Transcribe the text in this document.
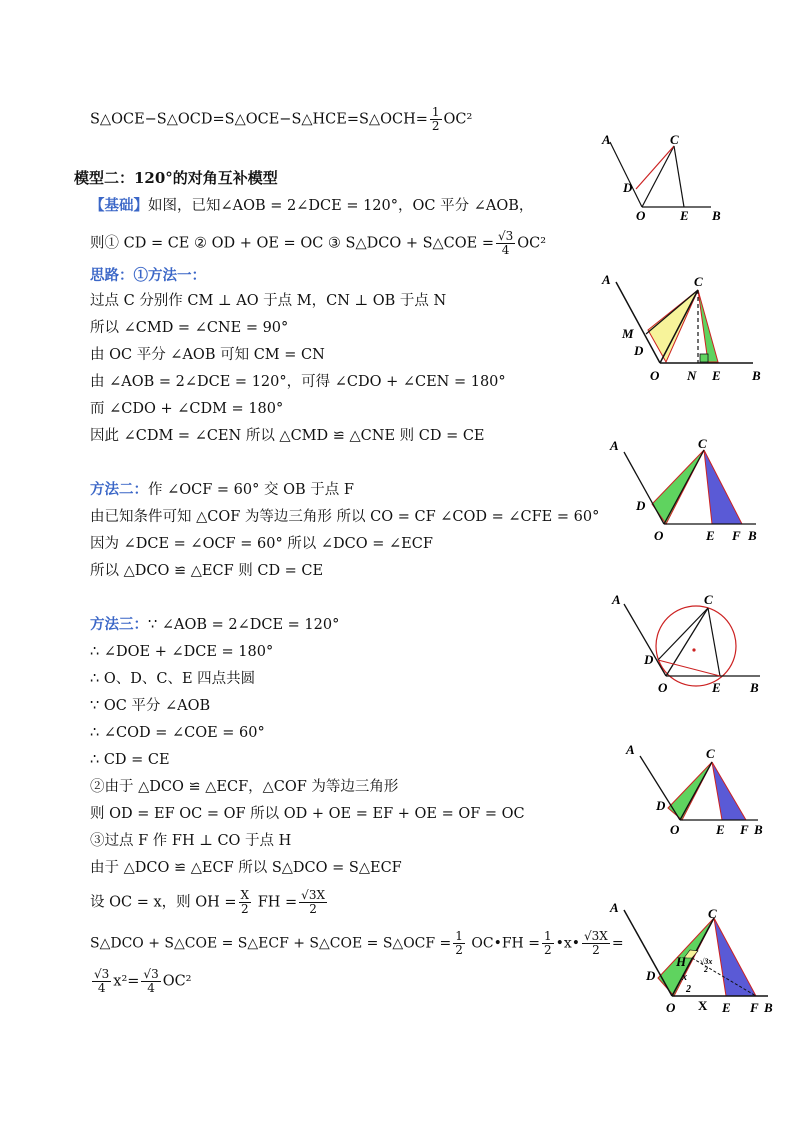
S△OCE−S△OCD=S△OCE−S△HCE=S△OCH= $\frac{1}{2} OC^2$
模型二：120°的对角互补模型
【基础】如图，已知∠AOB = 2∠DCE = 120°，OC 平分 ∠AOB，
则① CD = CE ② OD + OE = OC ③ S△DCO + S△COE = $\frac{√3}{4} OC^2$
思路：①方法一：
过点 C 分别作 CM ⊥ AO 于点 M，CN ⊥ OB 于点 N
所以 ∠CMD = ∠CNE = 90°
由 OC 平分 ∠AOB 可知 CM = CN
由 ∠AOB = 2∠DCE = 120°，可得 ∠CDO + ∠CEN = 180°
而 ∠CDO + ∠CDM = 180°
因此 ∠CDM = ∠CEN 所以 △CMD ≌ △CNE 则 CD = CE
方法二：作 ∠OCF = 60° 交 OB 于点 F
由已知条件可知 △COF 为等边三角形 所以 CO = CF ∠COD = ∠CFE = 60°
因为 ∠DCE = ∠OCF = 60° 所以 ∠DCO = ∠ECF
所以 △DCO ≌ △ECF 则 CD = CE
方法三：∵ ∠AOB = 2∠DCE = 120°
∴ ∠DOE + ∠DCE = 180°
∴ O、D、C、E 四点共圆
∵ OC 平分 ∠AOB
∴ ∠COD = ∠COE = 60°
∴ CD = CE
②由于 △DCO ≌ △ECF，△COF 为等边三角形
则 OD = EF OC = OF 所以 OD + OE = EF + OE = OF = OC
③过点 F 作 FH ⊥ CO 于点 H
由于 △DCO ≌ △ECF 所以 S△DCO = S△ECF
设 OC = x，则 OH = $\frac{X}{2}$ FH = $\frac{√3X}{2}$
S△DCO + S△COE = S△ECF + S△COE = S△OCF = $\frac{1}{2}$ OC•FH = $\frac{1}{2}$ •x• $\frac{√3X}{2}$ =
$\frac{√3}{4} x^2= \frac{√3}{4} OC^2$
A	C
D
O	E B
A	C
M
D
O N E B
A	C
D
O	E F B
A	C
D
O	E B
A	C
D
O	E F B
A	C
D
H
x
2
√3x
2
O X E F B
